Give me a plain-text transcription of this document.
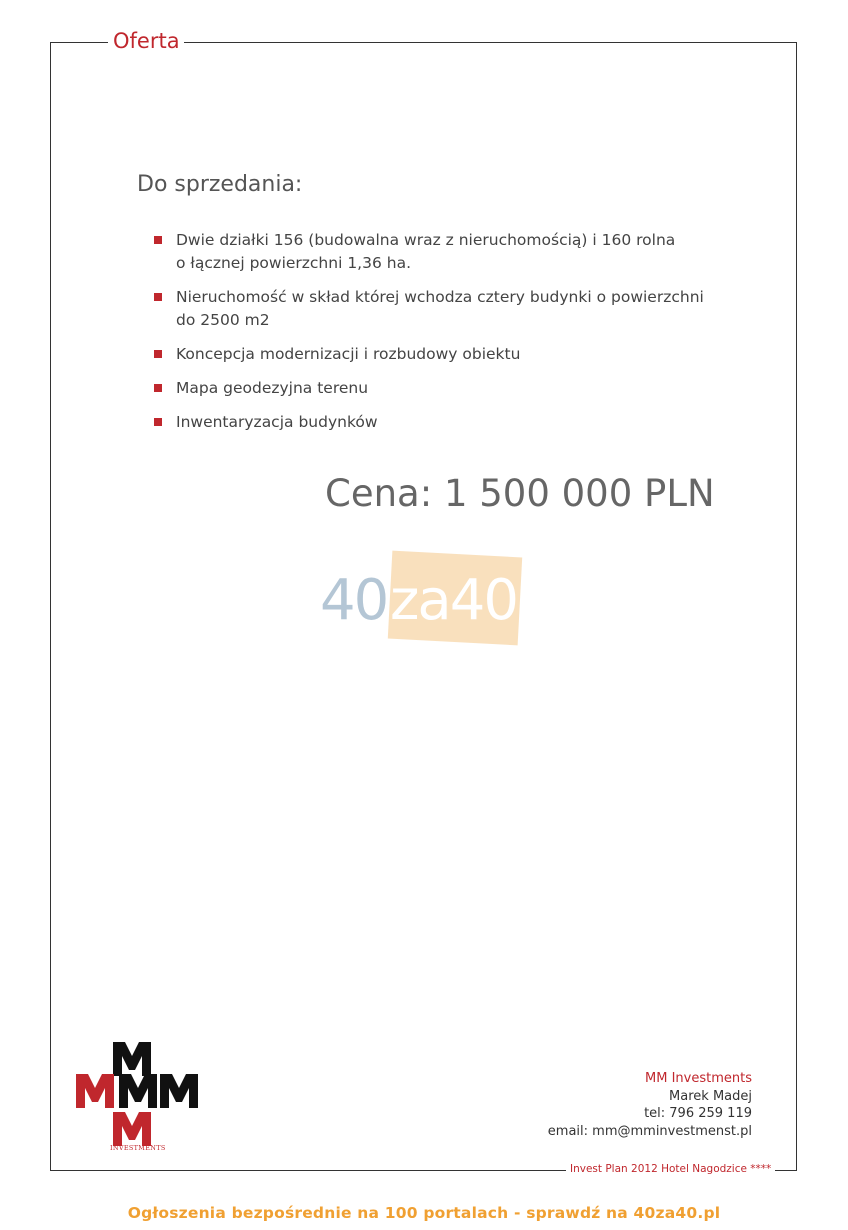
Oferta
Do sprzedania:
Dwie działki 156 (budowalna wraz z nieruchomością) i 160 rolna
o łącznej powierzchni 1,36 ha.
Nieruchomość w skład której wchodza cztery budynki o powierzchni
do 2500 m2
Koncepcja modernizacji i rozbudowy obiektu
Mapa geodezyjna terenu
Inwentaryzacja budynków
Cena: 1 500 000 PLN
40 za40
INVESTMENTS
MM Investments
Marek Madej
tel: 796 259 119
email: mm@mminvestmenst.pl
Invest Plan 2012 Hotel Nagodzice ****
Ogłoszenia bezpośrednie na 100 portalach - sprawdź na 40za40.pl
